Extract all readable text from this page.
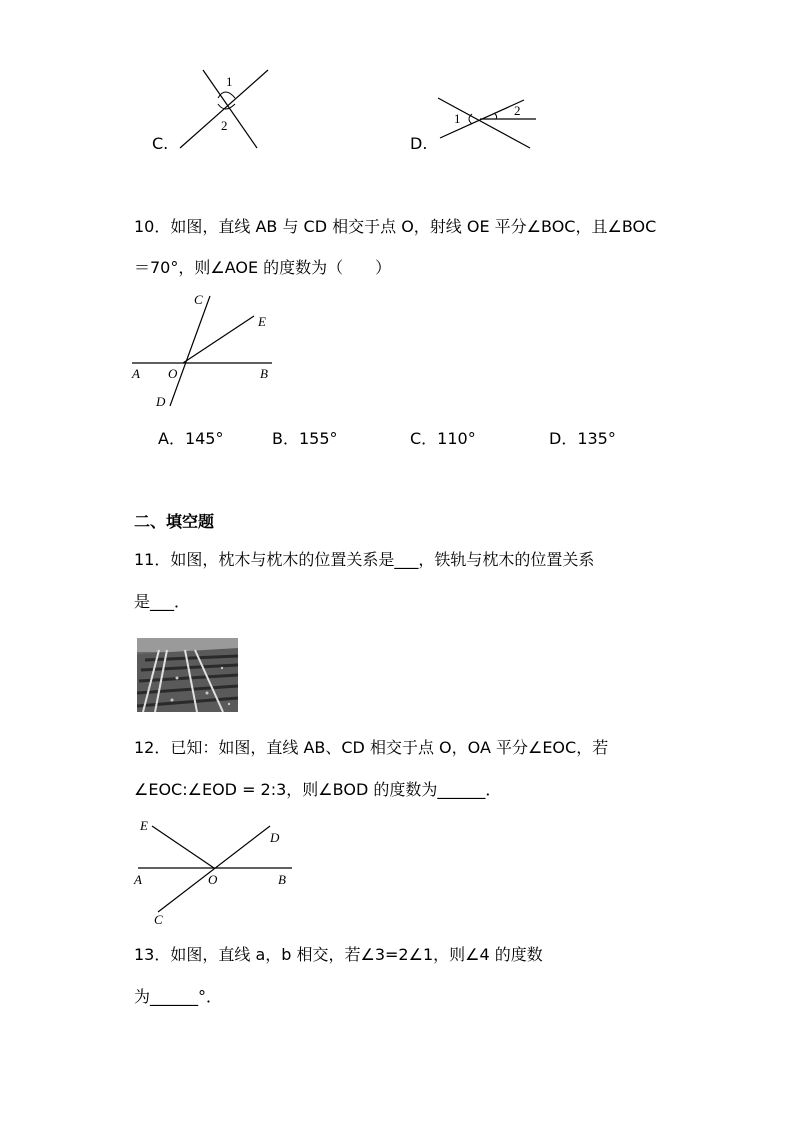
C.
1
2
D.
1
2
10．如图，直线 AB 与 CD 相交于点 O，射线 OE 平分∠BOC，且∠BOC
＝70°，则∠AOE 的度数为（　　）
C
E
A O	B
D
A．145°	B．155°	C．110°	D．135°
二、填空题
11．如图，枕木与枕木的位置关系是___，铁轨与枕木的位置关系
是___．
12．已知：如图，直线 AB、CD 相交于点 O，OA 平分∠EOC，若
∠EOC:∠EOD = 2:3，则∠BOD 的度数为______．
E
D
A	O	B
C
13．如图，直线 a，b 相交，若∠3=2∠1，则∠4 的度数
为______°．
